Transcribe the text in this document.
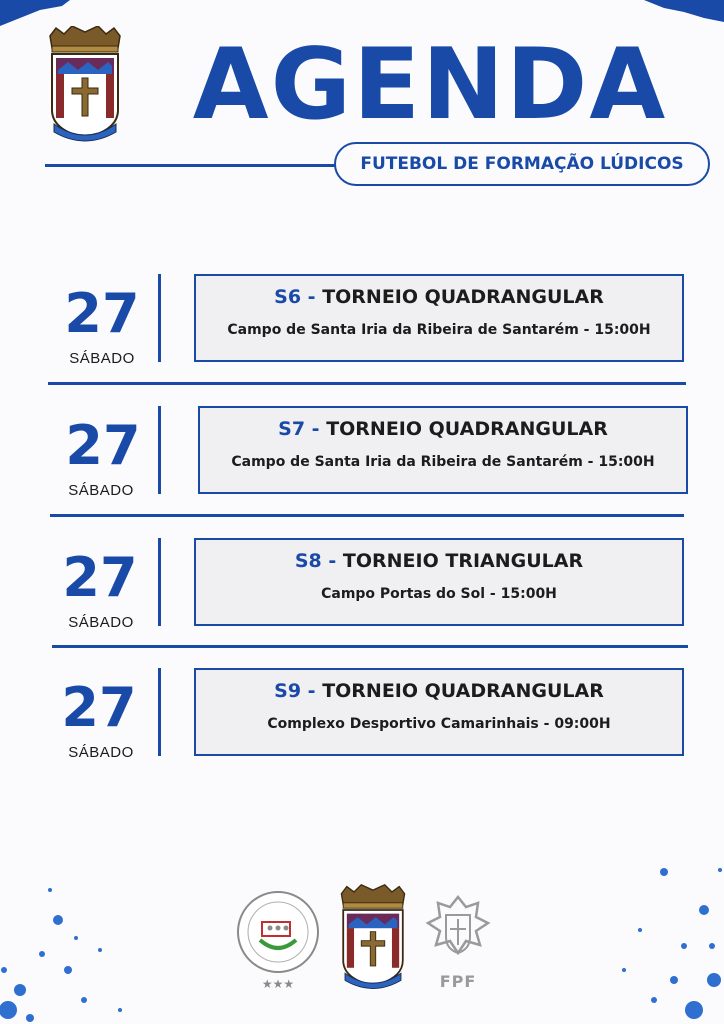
AGENDA
FUTEBOL DE FORMAÇÃO LÚDICOS
27
SÁBADO
S6 - TORNEIO QUADRANGULAR
Campo de Santa Iria da Ribeira de Santarém - 15:00H
27
SÁBADO
S7 - TORNEIO QUADRANGULAR
Campo de Santa Iria da Ribeira de Santarém - 15:00H
27
SÁBADO
S8 - TORNEIO TRIANGULAR
Campo Portas do Sol - 15:00H
27
SÁBADO
S9 - TORNEIO QUADRANGULAR
Complexo Desportivo Camarinhais - 09:00H
★★★	FPF
